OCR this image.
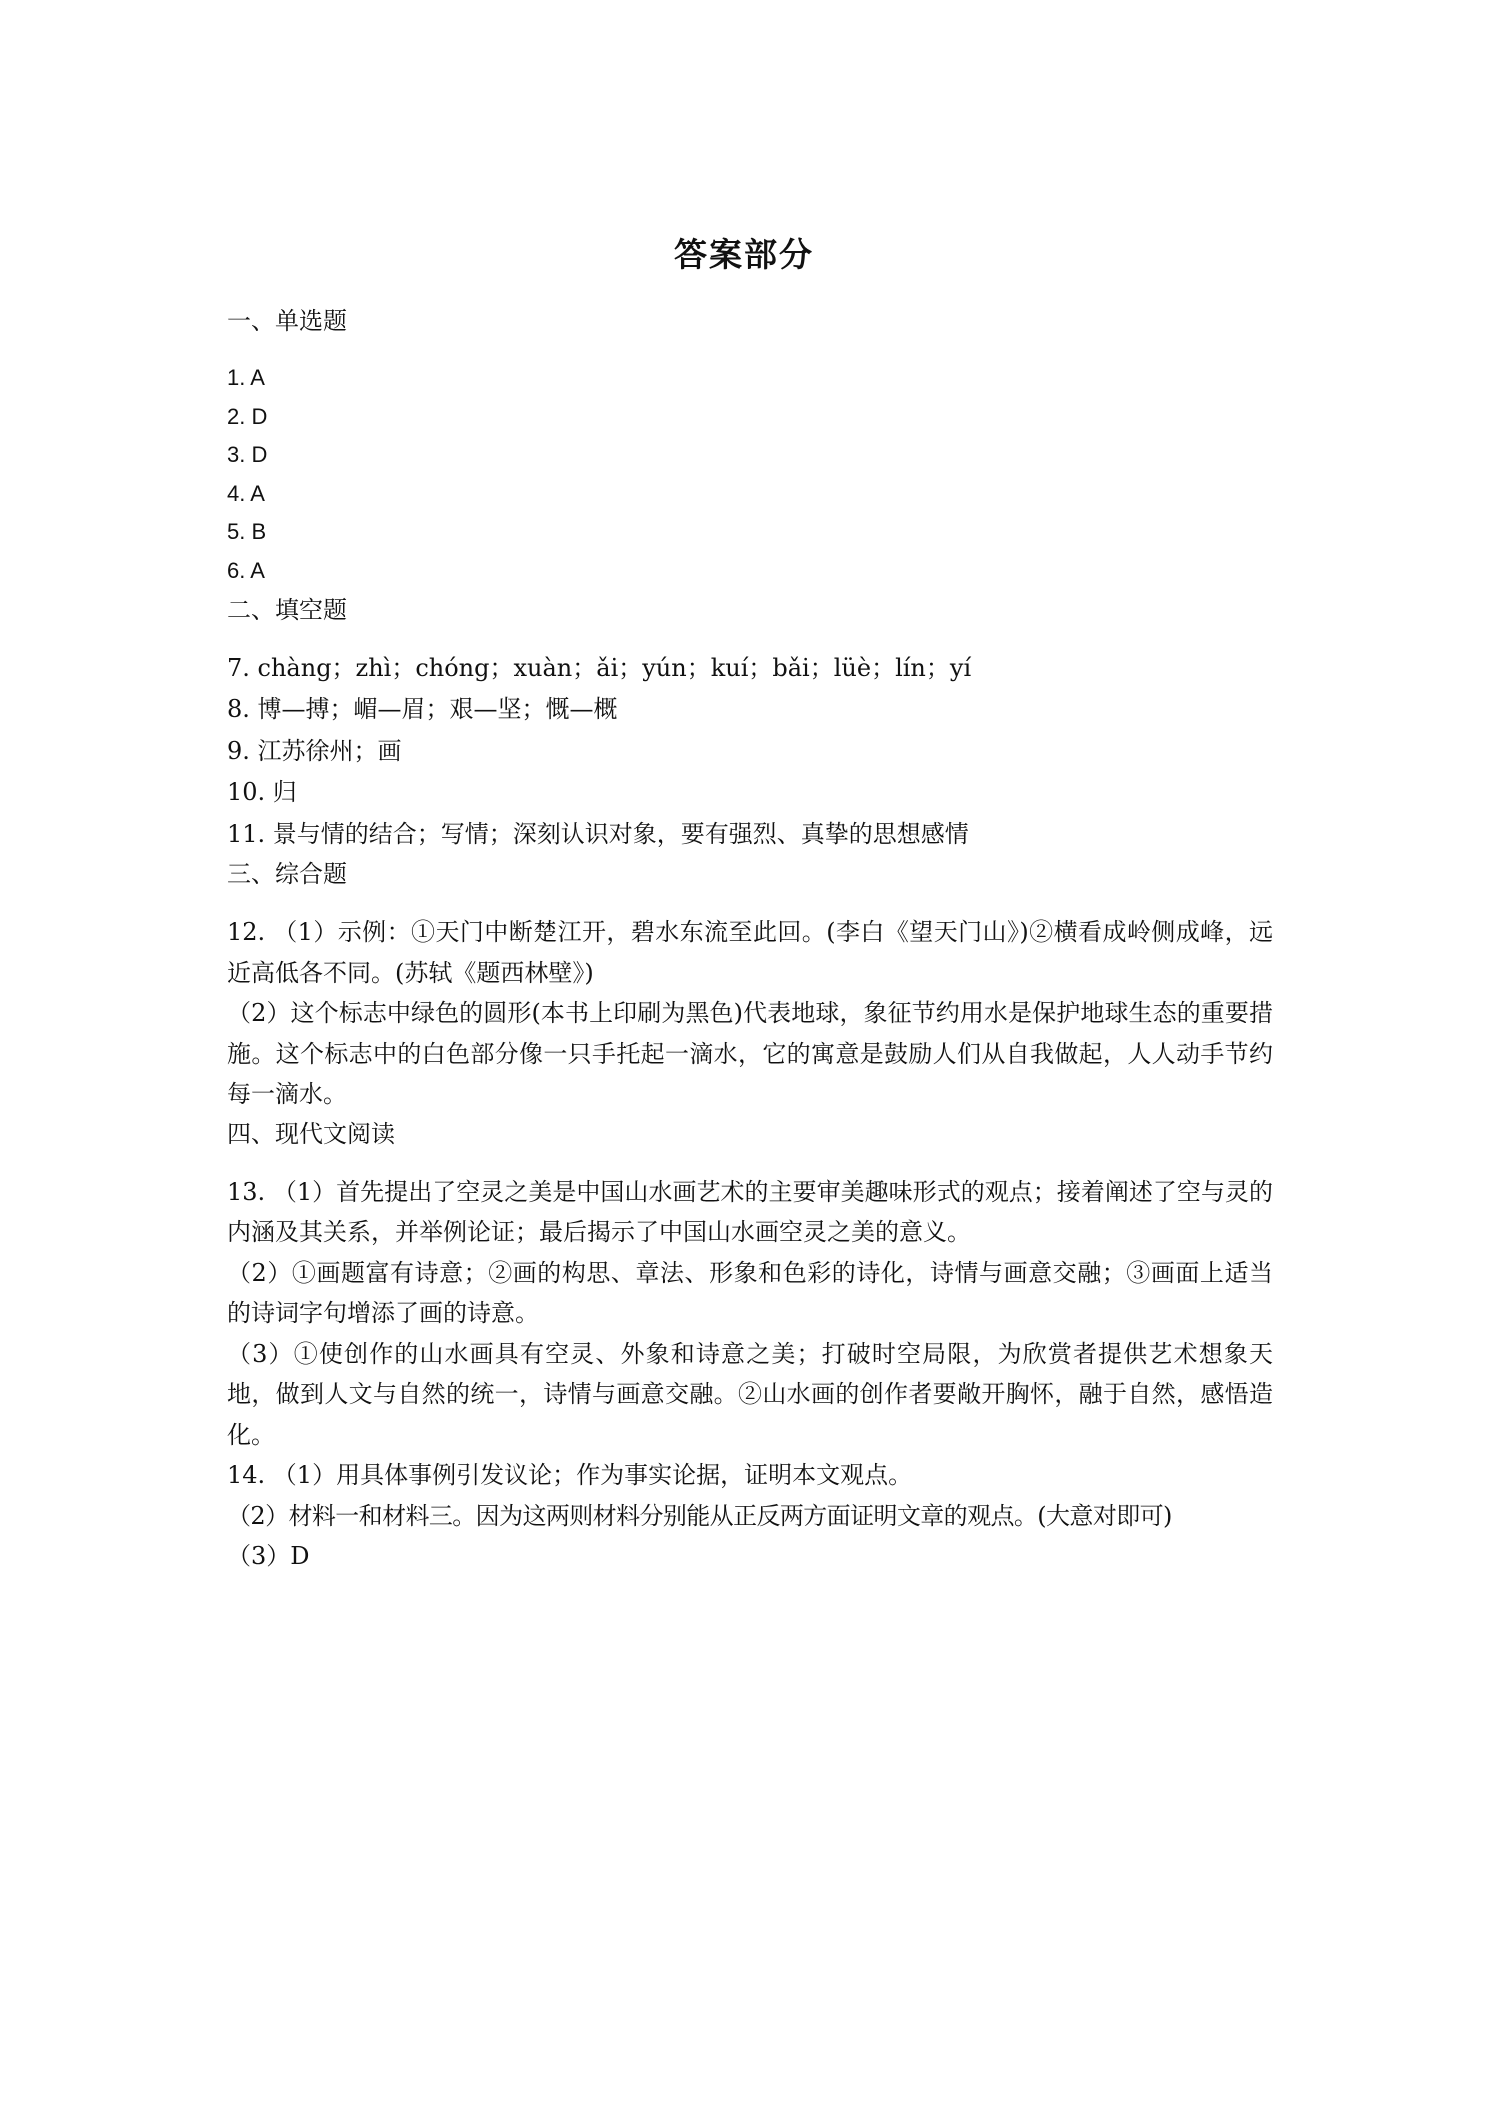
答案部分
一、单选题
1. A
2. D
3. D
4. A
5. B
6. A
二、填空题
7. chàng；zhì；chóng；xuàn；ǎi；yún；kuí；bǎi；lüè；lín；yí
8. 博—搏；嵋—眉；艰—坚；慨—概
9. 江苏徐州；画
10. 归
11. 景与情的结合；写情；深刻认识对象，要有强烈、真挚的思想感情
三、综合题
12. （1）示例：①天门中断楚江开，碧水东流至此回。(李白《望天门山》)②横看成岭侧成峰，远近高低各不同。(苏轼《题西林壁》)
（2）这个标志中绿色的圆形(本书上印刷为黑色)代表地球，象征节约用水是保护地球生态的重要措施。这个标志中的白色部分像一只手托起一滴水，它的寓意是鼓励人们从自我做起，人人动手节约每一滴水。
四、现代文阅读
13. （1）首先提出了空灵之美是中国山水画艺术的主要审美趣味形式的观点；接着阐述了空与灵的内涵及其关系，并举例论证；最后揭示了中国山水画空灵之美的意义。
（2）①画题富有诗意；②画的构思、章法、形象和色彩的诗化，诗情与画意交融；③画面上适当的诗词字句增添了画的诗意。
（3）①使创作的山水画具有空灵、外象和诗意之美；打破时空局限，为欣赏者提供艺术想象天地，做到人文与自然的统一，诗情与画意交融。②山水画的创作者要敞开胸怀，融于自然，感悟造化。
14. （1）用具体事例引发议论；作为事实论据，证明本文观点。
（2）材料一和材料三。因为这两则材料分别能从正反两方面证明文章的观点。(大意对即可)
（3）D
